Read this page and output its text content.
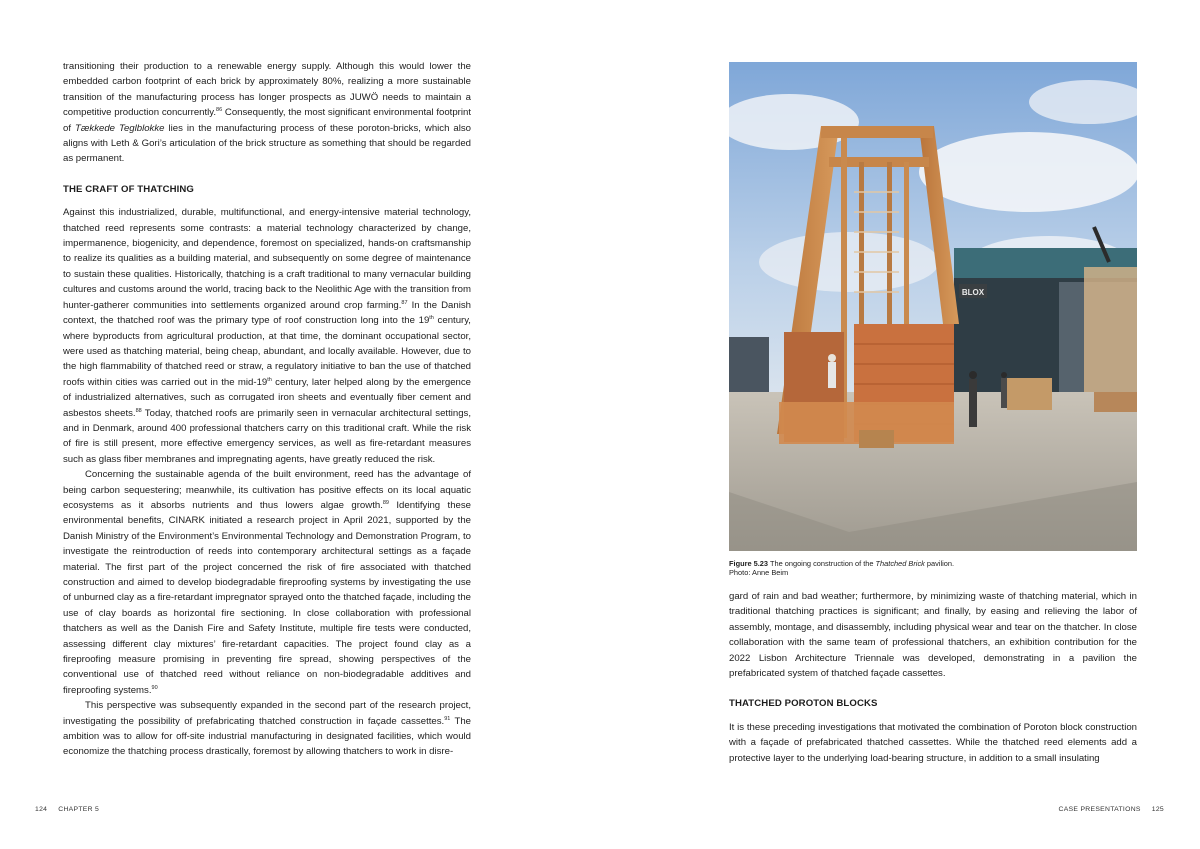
transitioning their production to a renewable energy supply. Although this would lower the embedded carbon footprint of each brick by approximately 80%, realizing a more sustainable transition of the manufacturing process has longer prospects as JUWÖ needs to maintain a competitive production concurrently.$^{86}$ Consequently, the most significant environmental footprint of Tækkede Teglblokke lies in the manufacturing process of these poroton-bricks, which also aligns with Leth & Gori’s articulation of the brick structure as something that should be regarded as permanent.

THE CRAFT OF THATCHING

Against this industrialized, durable, multifunctional, and energy-intensive material technology, thatched reed represents some contrasts: a material technology characterized by change, impermanence, biogenicity, and dependence, foremost on specialized, hands-on craftsmanship to realize its qualities as a building material, and subsequently on some degree of maintenance to sustain these qualities. Historically, thatching is a craft traditional to many vernacular building cultures and customs around the world, tracing back to the Neolithic Age with the transition from hunter-gatherer communities into settlements organized around crop farming.$^{87}$ In the Danish context, the thatched roof was the primary type of roof construction long into the 19th century, where byproducts from agricultural production, at that time, the dominant occupational sector, were used as thatching material, being cheap, abundant, and locally available. However, due to the high flammability of thatched reed or straw, a regulatory initiative to ban the use of thatched roofs within cities was carried out in the mid-19th century, later helped along by the emergence of industrialized alternatives, such as corrugated iron sheets and eventually fiber cement and asbestos sheets.$^{88}$ Today, thatched roofs are primarily seen in vernacular architectural settings, and in Denmark, around 400 professional thatchers carry on this traditional craft. While the risk of fire is still present, more effective emergency services, as well as fire-retardant measures such as glass fiber membranes and impregnating agents, have greatly reduced the risk.

Concerning the sustainable agenda of the built environment, reed has the advantage of being carbon sequestering; meanwhile, its cultivation has positive effects on its local aquatic ecosystems as it absorbs nutrients and thus lowers algae growth.$^{89}$ Identifying these environmental benefits, CINARK initiated a research project in April 2021, supported by the Danish Ministry of the Environment’s Environmental Technology and Demonstration Program, to investigate the reintroduction of reeds into contemporary architectural settings as a façade material. The first part of the project concerned the risk of fire associated with thatched construction and aimed to develop biodegradable fireproofing systems by investigating the use of unburned clay as a fire-retardant impregnator sprayed onto the thatched façade, including the use of clay boards as horizontal fire sectioning. In close collaboration with professional thatchers as well as the Danish Fire and Safety Institute, multiple fire tests were conducted, assessing different clay mixtures’ fire-retardant capacities. The project found clay as a fireproofing measure promising in preventing fire spread, showing perspectives of the conventional use of thatched reed without reliance on non-biodegradable additives and fireproofing systems.$^{90}$

This perspective was subsequently expanded in the second part of the research project, investigating the possibility of prefabricating thatched construction in façade cassettes.$^{91}$ The ambition was to allow for off-site industrial manufacturing in designated facilities, which would economize the thatching process drastically, foremost by allowing thatchers to work in disre-

124 CHAPTER 5
BLOX
Figure 5.23 The ongoing construction of the Thatched Brick pavilion.
Photo: Anne Beim

gard of rain and bad weather; furthermore, by minimizing waste of thatching material, which in traditional thatching practices is significant; and finally, by easing and relieving the labor of assembly, montage, and disassembly, including physical wear and tear on the thatcher. In close collaboration with the same team of professional thatchers, an exhibition contribution for the 2022 Lisbon Architecture Triennale was developed, demonstrating in a pavilion the prefabricated system of thatched façade cassettes.

THATCHED POROTON BLOCKS

It is these preceding investigations that motivated the combination of Poroton block construction with a façade of prefabricated thatched cassettes. While the thatched reed elements add a protective layer to the underlying load-bearing structure, in addition to a small insulating

CASE PRESENTATIONS 125
